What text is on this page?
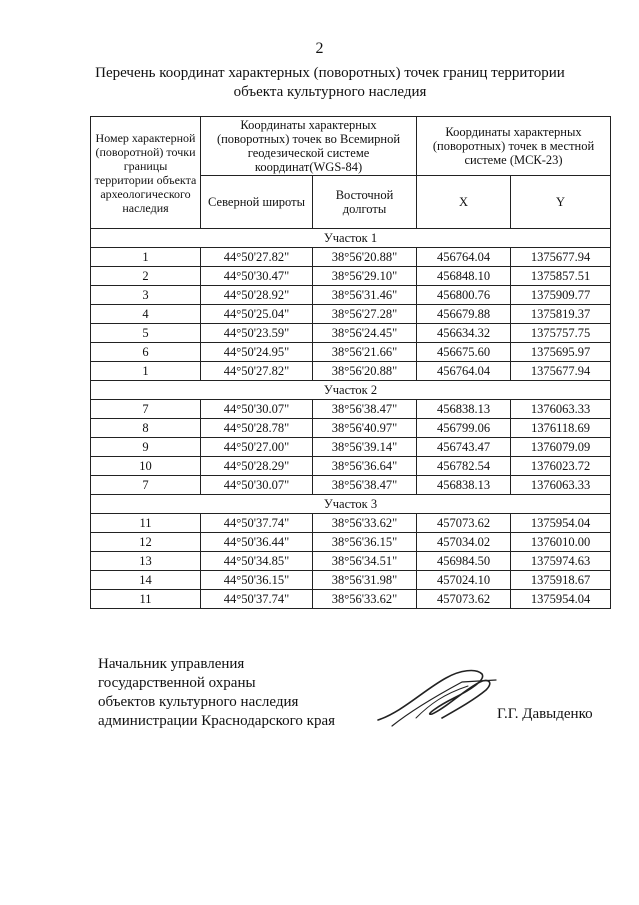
2
Перечень координат характерных (поворотных) точек границ территории
объекта культурного наследия
Номер характерной (поворотной) точки границы территории объекта археологического наследия	Координаты характерных (поворотных) точек во Всемирной геодезической системе координат(WGS-84)		Координаты характерных (поворотных) точек в местной системе (МСК-23)	
	Северной широты	Восточной долготы	X	Y
Участок 1				
1	44°50'27.82"	38°56'20.88"	456764.04	1375677.94
2	44°50'30.47"	38°56'29.10"	456848.10	1375857.51
3	44°50'28.92"	38°56'31.46"	456800.76	1375909.77
4	44°50'25.04"	38°56'27.28"	456679.88	1375819.37
5	44°50'23.59"	38°56'24.45"	456634.32	1375757.75
6	44°50'24.95"	38°56'21.66"	456675.60	1375695.97
1	44°50'27.82"	38°56'20.88"	456764.04	1375677.94
Участок 2				
7	44°50'30.07"	38°56'38.47"	456838.13	1376063.33
8	44°50'28.78"	38°56'40.97"	456799.06	1376118.69
9	44°50'27.00"	38°56'39.14"	456743.47	1376079.09
10	44°50'28.29"	38°56'36.64"	456782.54	1376023.72
7	44°50'30.07"	38°56'38.47"	456838.13	1376063.33
Участок 3				
11	44°50'37.74"	38°56'33.62"	457073.62	1375954.04
12	44°50'36.44"	38°56'36.15"	457034.02	1376010.00
13	44°50'34.85"	38°56'34.51"	456984.50	1375974.63
14	44°50'36.15"	38°56'31.98"	457024.10	1375918.67
11	44°50'37.74"	38°56'33.62"	457073.62	1375954.04
Начальник управления
государственной охраны
объектов культурного наследия
администрации Краснодарского края	Г.Г. Давыденко
